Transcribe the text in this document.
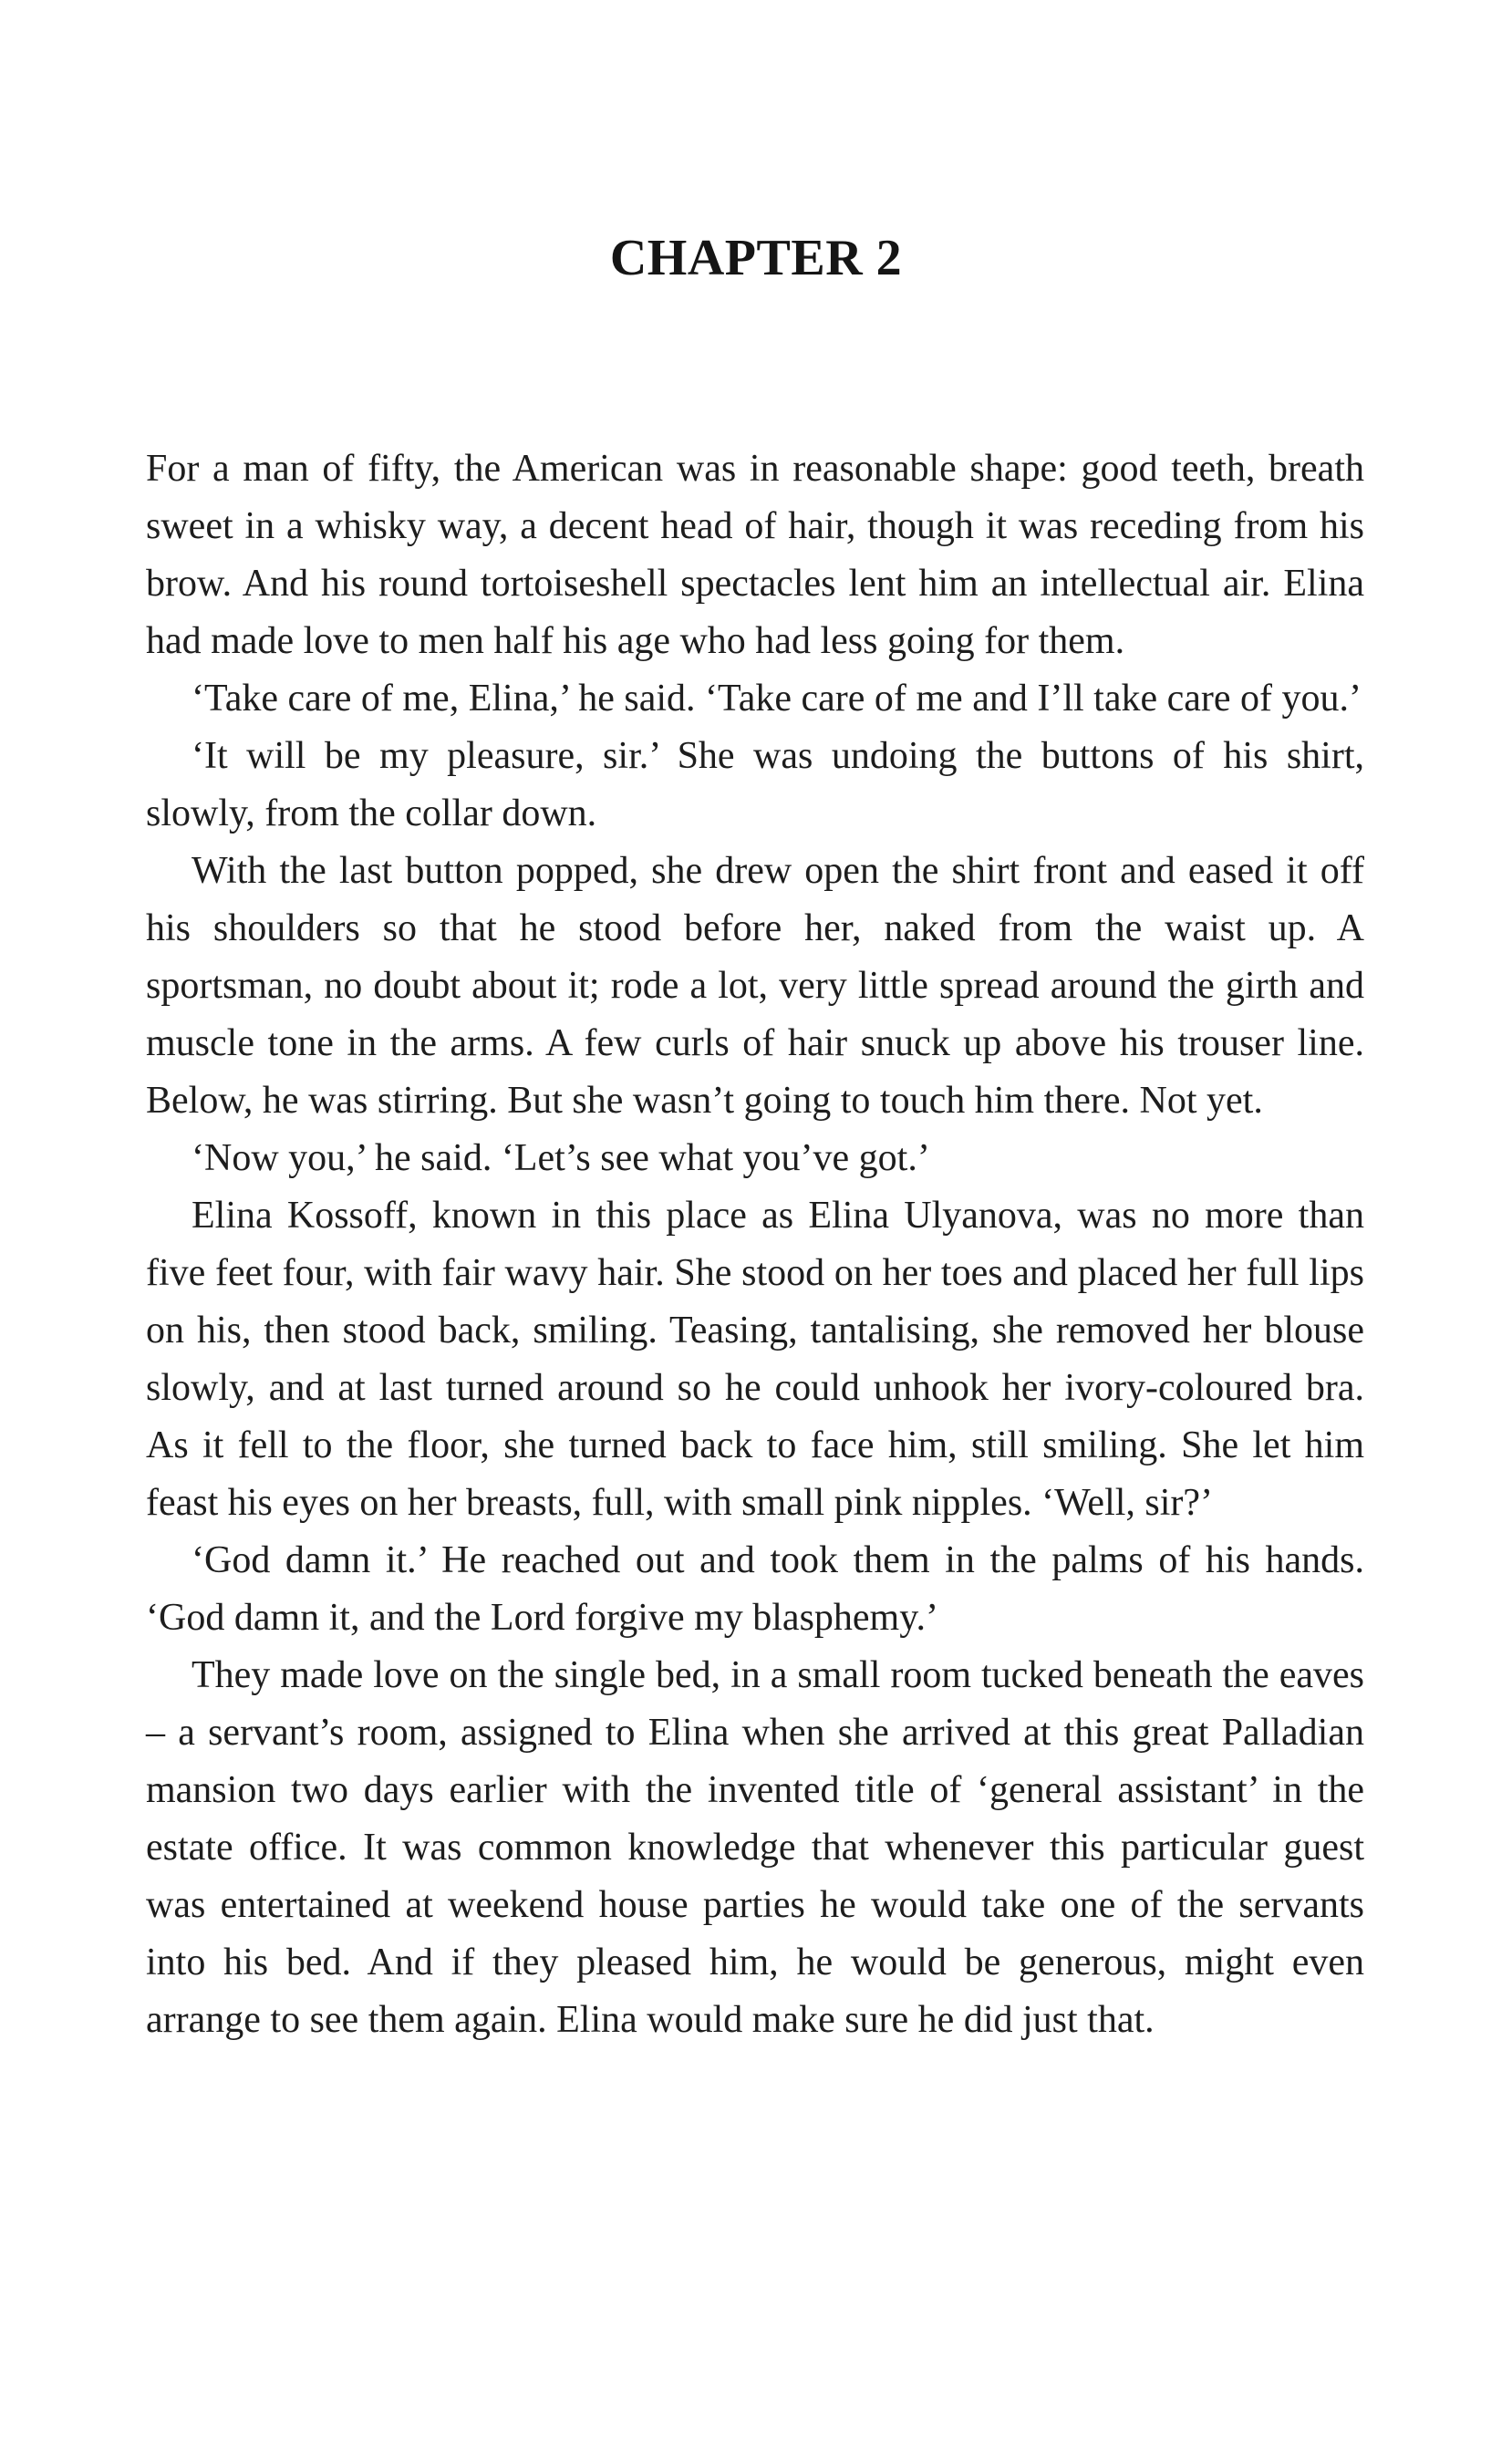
CHAPTER 2

For a man of fifty, the American was in reasonable shape: good teeth, breath sweet in a whisky way, a decent head of hair, though it was receding from his brow. And his round tortoiseshell spectacles lent him an intellectual air. Elina had made love to men half his age who had less going for them.

‘Take care of me, Elina,’ he said. ‘Take care of me and I’ll take care of you.’

‘It will be my pleasure, sir.’ She was undoing the buttons of his shirt, slowly, from the collar down.

With the last button popped, she drew open the shirt front and eased it off his shoulders so that he stood before her, naked from the waist up. A sportsman, no doubt about it; rode a lot, very little spread around the girth and muscle tone in the arms. A few curls of hair snuck up above his trouser line. Below, he was stirring. But she wasn’t going to touch him there. Not yet.

‘Now you,’ he said. ‘Let’s see what you’ve got.’

Elina Kossoff, known in this place as Elina Ulyanova, was no more than five feet four, with fair wavy hair. She stood on her toes and placed her full lips on his, then stood back, smiling. Teasing, tantalising, she removed her blouse slowly, and at last turned around so he could unhook her ivory-coloured bra. As it fell to the floor, she turned back to face him, still smiling. She let him feast his eyes on her breasts, full, with small pink nipples. ‘Well, sir?’

‘God damn it.’ He reached out and took them in the palms of his hands. ‘God damn it, and the Lord forgive my blasphemy.’

They made love on the single bed, in a small room tucked beneath the eaves – a servant’s room, assigned to Elina when she arrived at this great Palladian mansion two days earlier with the invented title of ‘general assistant’ in the estate office. It was common knowledge that whenever this particular guest was entertained at weekend house parties he would take one of the servants into his bed. And if they pleased him, he would be generous, might even arrange to see them again. Elina would make sure he did just that.
